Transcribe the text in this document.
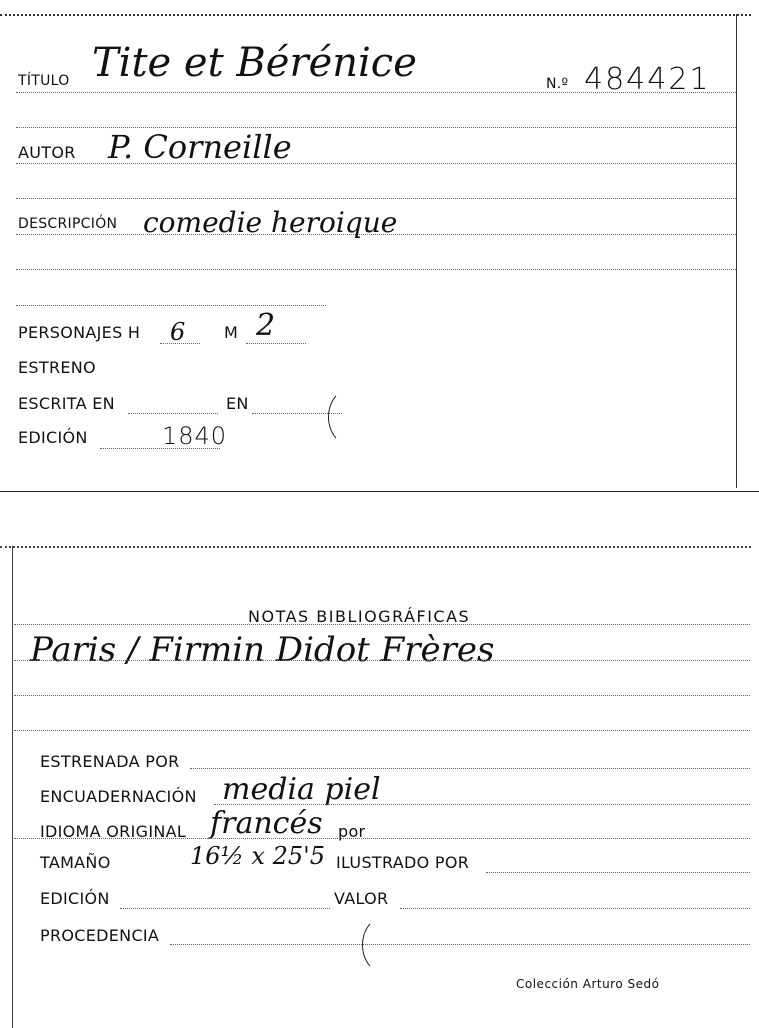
TÍTULO Tite et Bérénice	N.º 484421
AUTOR P. Corneille
DESCRIPCIÓN comedie heroique
PERSONAJES H 6 M 2
ESTRENO
ESCRITA EN	EN
EDICIÓN	1840
NOTAS BIBLIOGRÁFICAS
Paris / Firmin Didot Frères
ESTRENADA POR
ENCUADERNACIÓN media piel
IDIOMA ORIGINAL francés por
TAMAÑO	16½ x 25'5 ILUSTRADO POR
EDICIÓN	VALOR
PROCEDENCIA
Colección Arturo Sedó
